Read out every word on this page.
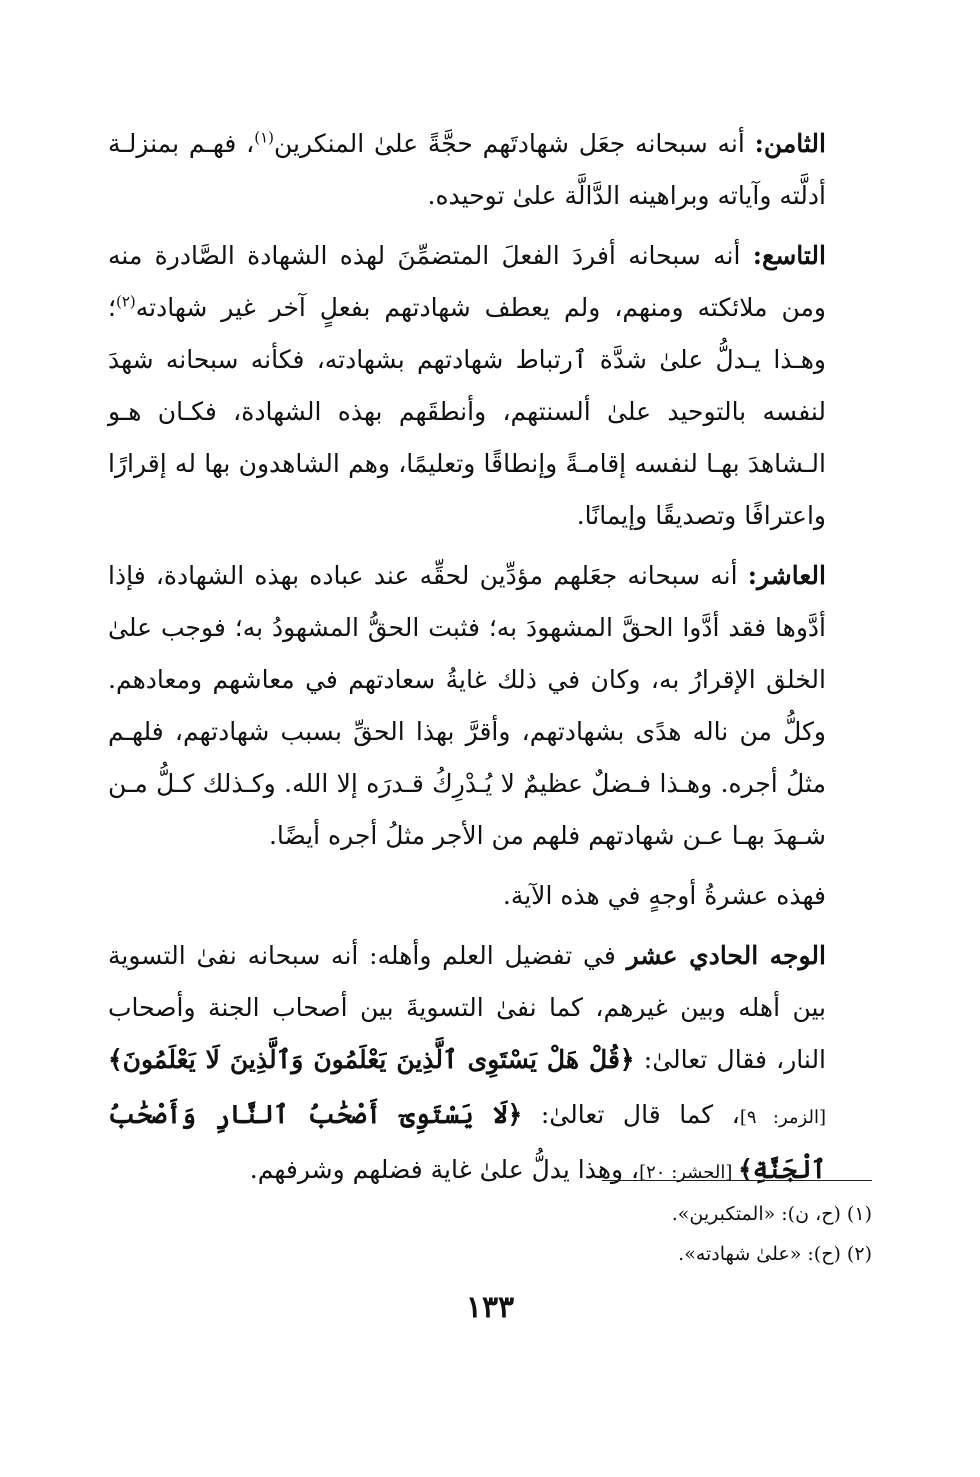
الثامن: أنه سبحانه جعَل شهادتَهم حجَّةً علىٰ المنكرين$^{(١)}$، فهـم بمنزلـة أدلَّته وآياته وبراهينه الدَّالَّة علىٰ توحيده.

التاسع: أنه سبحانه أفردَ الفعلَ المتضمِّنَ لهذه الشهادة الصَّادرة منه ومن ملائكته ومنهم، ولم يعطف شهادتهم بفعلٍ آخر غير شهادته$^{(٢)}$؛ وهـذا يـدلُّ علىٰ شدَّة ٱرتباط شهادتهم بشهادته، فكأنه سبحانه شهدَ لنفسه بالتوحيد علىٰ ألسنتهم، وأنطقَهم بهذه الشهادة، فكـان هـو الـشاهدَ بهـا لنفسه إقامـةً وإنطاقًا وتعليمًا، وهم الشاهدون بها له إقرارًا واعترافًا وتصديقًا وإيمانًا.

العاشر: أنه سبحانه جعَلهم مؤدِّين لحقِّه عند عباده بهذه الشهادة، فإذا أدَّوها فقد أدَّوا الحقَّ المشهودَ به؛ فثبت الحقُّ المشهودُ به؛ فوجب علىٰ الخلق الإقرارُ به، وكان في ذلك غايةُ سعادتهم في معاشهم ومعادهم. وكلُّ من ناله هدًى بشهادتهم، وأقرَّ بهذا الحقِّ بسبب شهادتهم، فلهـم مثلُ أجره. وهـذا فـضلٌ عظيمٌ لا يُـدْرِكُ قـدرَه إلا الله. وكـذلك كـلُّ مـن شـهدَ بهـا عـن شهادتهم فلهم من الأجر مثلُ أجره أيضًا.

فهذه عشرةُ أوجهٍ في هذه الآية.

الوجه الحادي عشر في تفضيل العلم وأهله: أنه سبحانه نفىٰ التسوية بين أهله وبين غيرهم، كما نفىٰ التسويةَ بين أصحاب الجنة وأصحاب النار، فقال تعالىٰ: ﴿قُلْ هَلْ يَسْتَوِى ٱلَّذِينَ يَعْلَمُونَ وَٱلَّذِينَ لَا يَعْلَمُونَ﴾ [الزمر: ٩]، كما قال تعالىٰ: ﴿لَا يَسْتَوِىٓ أَصْحَٰبُ ٱلنَّارِ وَأَصْحَٰبُ ٱلْجَنَّةِ﴾ [الحشر: ٢٠]، وهذا يدلُّ علىٰ غاية فضلهم وشرفهم.

(١) (ح، ن): «المتكبرين».

(٢) (ح): «علىٰ شهادته».

١٣٣
